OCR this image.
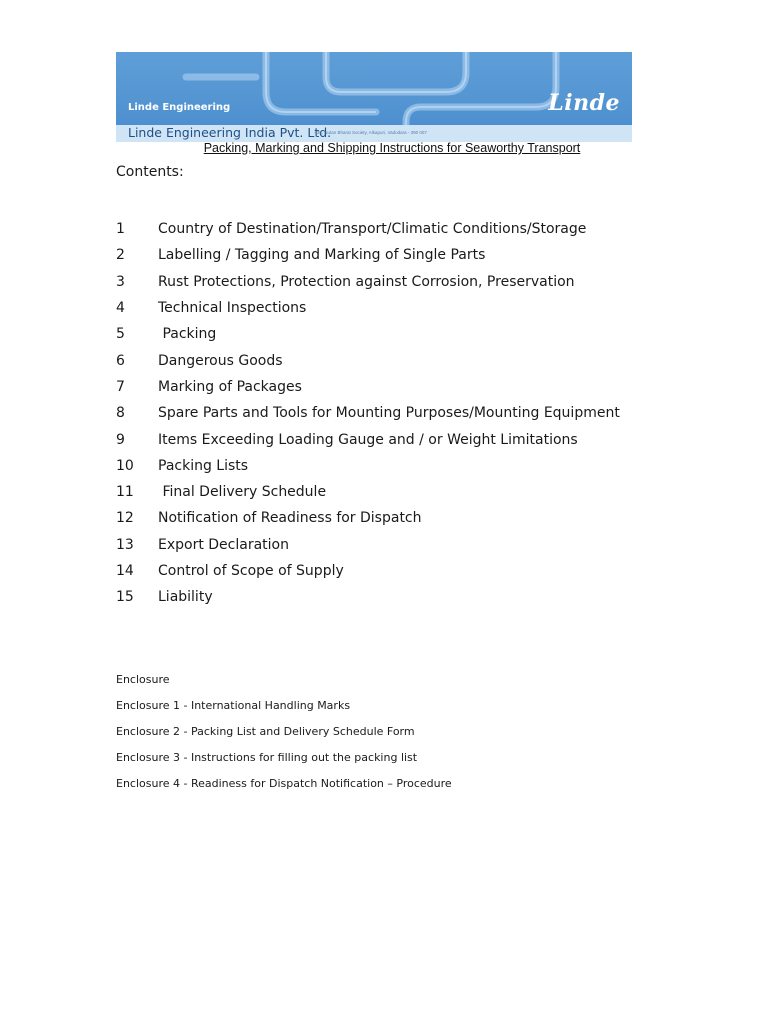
Linde Engineering	Linde
Linde Engineering India Pvt. Ltd.
- 38, Nutan Bharat Society, Alkapuri, Vadodara - 390 007
Packing, Marking and Shipping Instructions for Seaworthy Transport
Contents:
1	Country of Destination/Transport/Climatic Conditions/Storage
2	Labelling / Tagging and Marking of Single Parts
3	Rust Protections, Protection against Corrosion, Preservation
4	Technical Inspections
5	Packing
6	Dangerous Goods
7	Marking of Packages
8	Spare Parts and Tools for Mounting Purposes/Mounting Equipment
9	Items Exceeding Loading Gauge and / or Weight Limitations
10	Packing Lists
11	Final Delivery Schedule
12	Notification of Readiness for Dispatch
13	Export Declaration
14	Control of Scope of Supply
15	Liability
Enclosure
Enclosure 1 - International Handling Marks
Enclosure 2 - Packing List and Delivery Schedule Form
Enclosure 3 - Instructions for filling out the packing list
Enclosure 4 - Readiness for Dispatch Notification – Procedure
